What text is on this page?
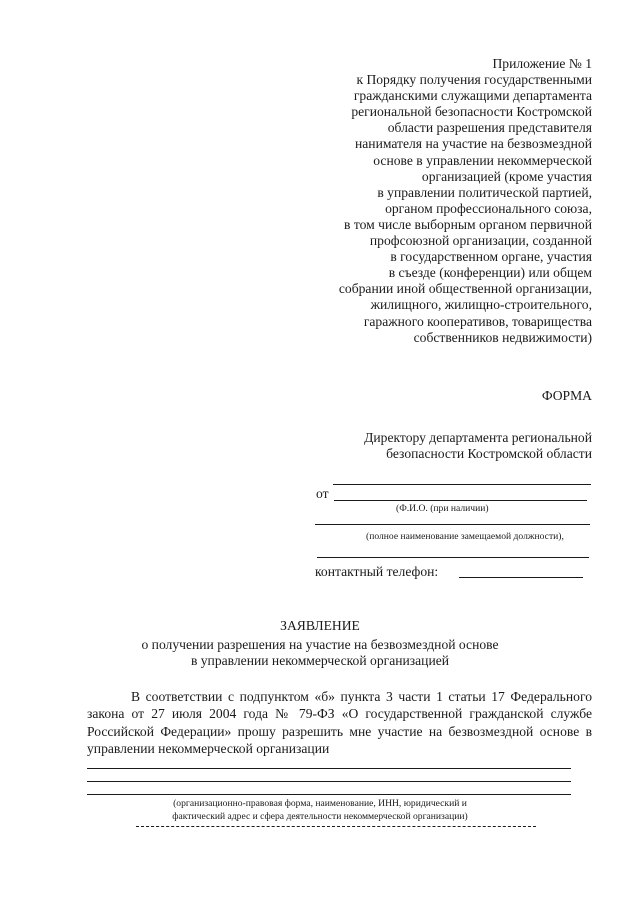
Приложение № 1
к Порядку получения государственными
гражданскими служащими департамента
региональной безопасности Костромской
области разрешения представителя
нанимателя на участие на безвозмездной
основе в управлении некоммерческой
организацией (кроме участия
в управлении политической партией,
органом профессионального союза,
в том числе выборным органом первичной
профсоюзной организации, созданной
в государственном органе, участия
в съезде (конференции) или общем
собрании иной общественной организации,
жилищного, жилищно-строительного,
гаражного кооперативов, товарищества
собственников недвижимости)
ФОРМА
Директору департамента региональной
безопасности Костромской области
от
(Ф.И.О. (при наличии)
(полное наименование замещаемой должности),
контактный телефон:
ЗАЯВЛЕНИЕ
о получении разрешения на участие на безвозмездной основе
в управлении некоммерческой организацией
В соответствии с подпунктом «б» пункта 3 части 1 статьи 17 Федерального закона от 27 июля 2004 года № 79-ФЗ «О государственной гражданской службе Российской Федерации» прошу разрешить мне участие на безвозмездной основе в управлении некоммерческой организации
(организационно-правовая форма, наименование, ИНН, юридический и
фактический адрес и сфера деятельности некоммерческой организации)
